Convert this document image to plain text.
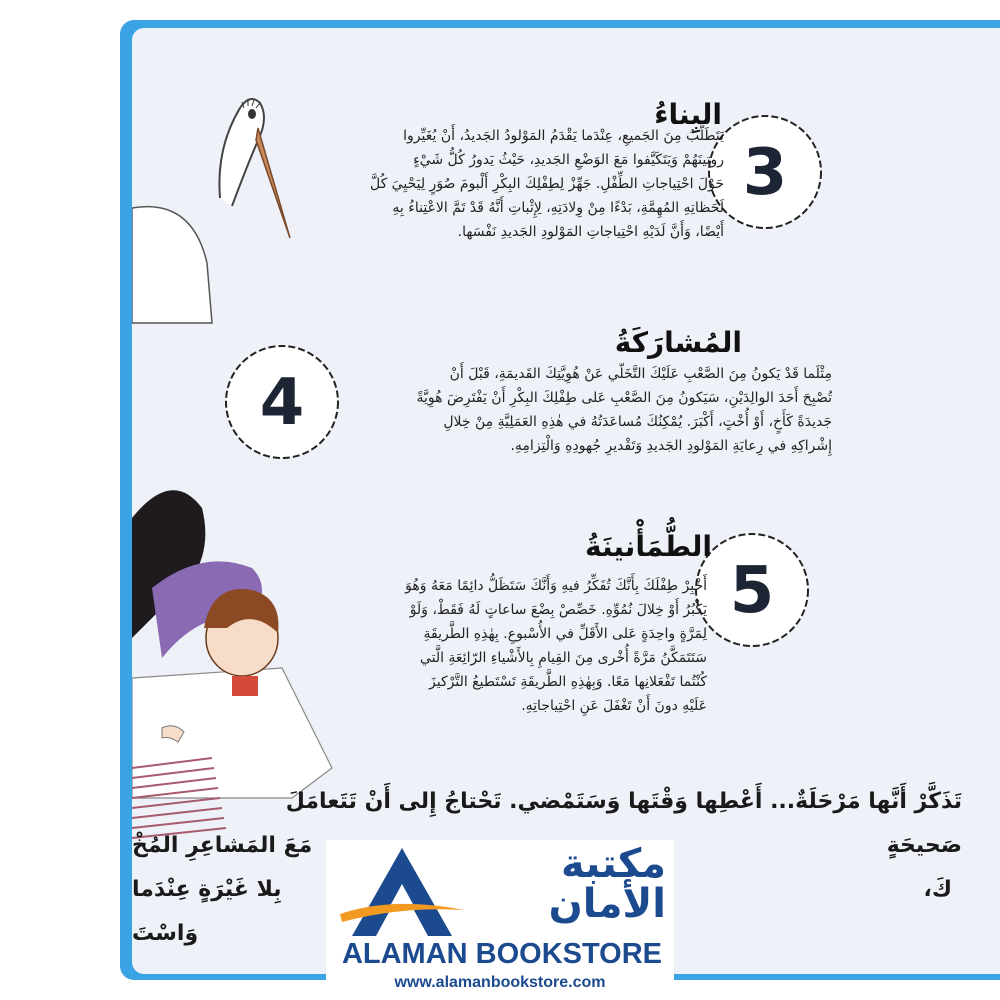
3
البِناءُ
يَتَطَلَّبُ مِنَ الجَميعِ، عِنْدَما يَقْدَمُ المَوْلودُ الجَديدُ، أَنْ يُغَيِّروا
روتينَهُمْ وَيَتَكَيَّفوا مَعَ الوَضْعِ الجَديدِ، حَيْثُ يَدورُ كُلُّ شَيْءٍ
حَوْلَ احْتِياجاتِ الطِّفْلِ. جَهِّزْ لِطِفْلِكَ البِكْرِ أَلْبومَ صُوَرٍ لِيَحْيِيَ كُلَّ
لَحَظاتِهِ المُهِمَّةِ، بَدْءًا مِنْ وِلادَتِهِ، لِإِثْباتِ أَنَّهُ قَدْ تَمَّ الاعْتِناءُ بِهِ
أَيْضًا، وَأَنَّ لَدَيْهِ احْتِياجاتِ المَوْلودِ الجَديدِ نَفْسَها.
4
المُشارَكَةُ
مِثْلَما قَدْ يَكونُ مِنَ الصَّعْبِ عَلَيْكَ التَّخَلّي عَنْ هُوِيَّتِكَ القَديمَةِ، قَبْلَ أَنْ
تُصْبِحَ أَحَدَ الوالِدَيْنِ، سَيَكونُ مِنَ الصَّعْبِ عَلى طِفْلِكَ البِكْرِ أَنْ يَفْتَرِضَ هُوِيَّةً
جَديدَةً كَأَخٍ، أَوْ أُخْتٍ، أَكْبَرَ. يُمْكِنُكَ مُساعَدَتُهُ في هٰذِهِ العَمَلِيَّةِ مِنْ خِلالِ
إِشْراكِهِ في رِعايَةِ المَوْلودِ الجَديدِ وَتَقْديرِ جُهودِهِ وَالْتِزامِهِ.
5
الطُّمَأْنينَةُ
أَخْبِرْ طِفْلَكَ بِأَنَّكَ تُفَكِّرُ فيهِ وَأَنَّكَ سَتَظَلُّ دائِمًا مَعَهُ وَهُوَ
يَكْبُرُ أَوْ خِلالَ نُمُوِّهِ. خَصِّصْ بِضْعَ ساعاتٍ لَهُ فَقَطْ، وَلَوْ
لِمَرَّةٍ واحِدَةٍ عَلى الأَقَلِّ في الأُسْبوعِ. بِهٰذِهِ الطَّريقَةِ
سَتَتَمَكَّنُ مَرَّةً أُخْرى مِنَ القِيامِ بِالأَشْياءِ الرّائِعَةِ الَّتي
كُنْتُما تَفْعَلانِها مَعًا. وَبِهٰذِهِ الطَّريقَةِ تَسْتَطيعُ التَّرْكيزَ
عَلَيْهِ دونَ أَنْ تَغْفَلَ عَنِ احْتِياجاتِهِ.
تَذَكَّرْ أَنَّها مَرْحَلَةٌ... أَعْطِها وَقْتَها وَسَتَمْضي. تَحْتاجُ إِلى أَنْ تَتَعامَلَ
مَعَ المَشاعِرِ المُخْ	صَحيحَةٍ
بِلا غَيْرَةٍ عِنْدَما	كَ،
وَاسْتَ
مكتبة الأمان
ALAMAN BOOKSTORE
www.alamanbookstore.com
